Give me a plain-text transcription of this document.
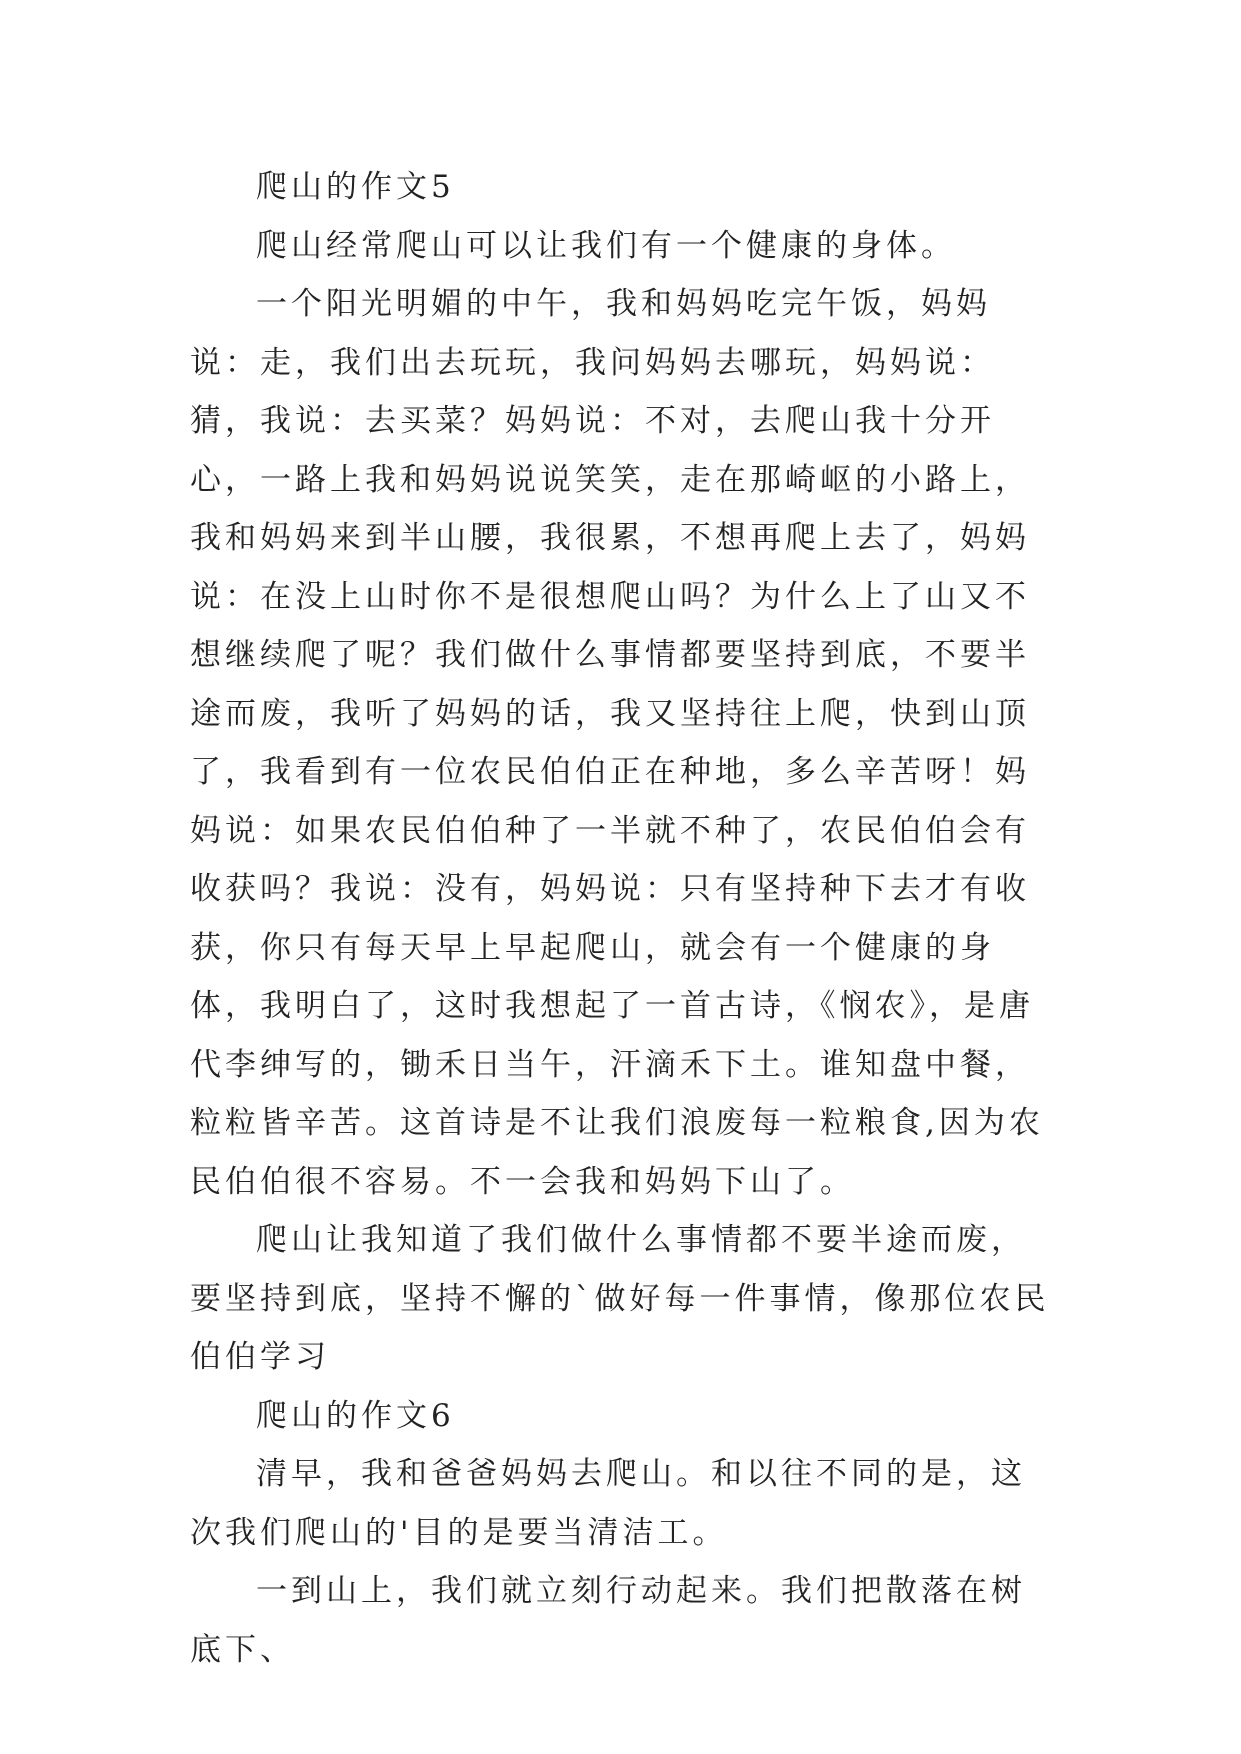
爬山的作文5

爬山经常爬山可以让我们有一个健康的身体。

一个阳光明媚的中午，我和妈妈吃完午饭，妈妈说：走，我们出去玩玩，我问妈妈去哪玩，妈妈说：猜，我说：去买菜？妈妈说：不对，去爬山我十分开心，一路上我和妈妈说说笑笑，走在那崎岖的小路上，我和妈妈来到半山腰，我很累，不想再爬上去了，妈妈说：在没上山时你不是很想爬山吗？为什么上了山又不想继续爬了呢？我们做什么事情都要坚持到底，不要半途而废，我听了妈妈的话，我又坚持往上爬，快到山顶了，我看到有一位农民伯伯正在种地，多么辛苦呀！妈妈说：如果农民伯伯种了一半就不种了，农民伯伯会有收获吗？我说：没有，妈妈说：只有坚持种下去才有收获，你只有每天早上早起爬山，就会有一个健康的身体，我明白了，这时我想起了一首古诗，《悯农》，是唐代李绅写的，锄禾日当午，汗滴禾下土。谁知盘中餐，粒粒皆辛苦。这首诗是不让我们浪废每一粒粮食,因为农民伯伯很不容易。不一会我和妈妈下山了。

爬山让我知道了我们做什么事情都不要半途而废，要坚持到底，坚持不懈的`做好每一件事情，像那位农民伯伯学习

爬山的作文6

清早，我和爸爸妈妈去爬山。和以往不同的是，这次我们爬山的'目的是要当清洁工。

一到山上，我们就立刻行动起来。我们把散落在树底下、
